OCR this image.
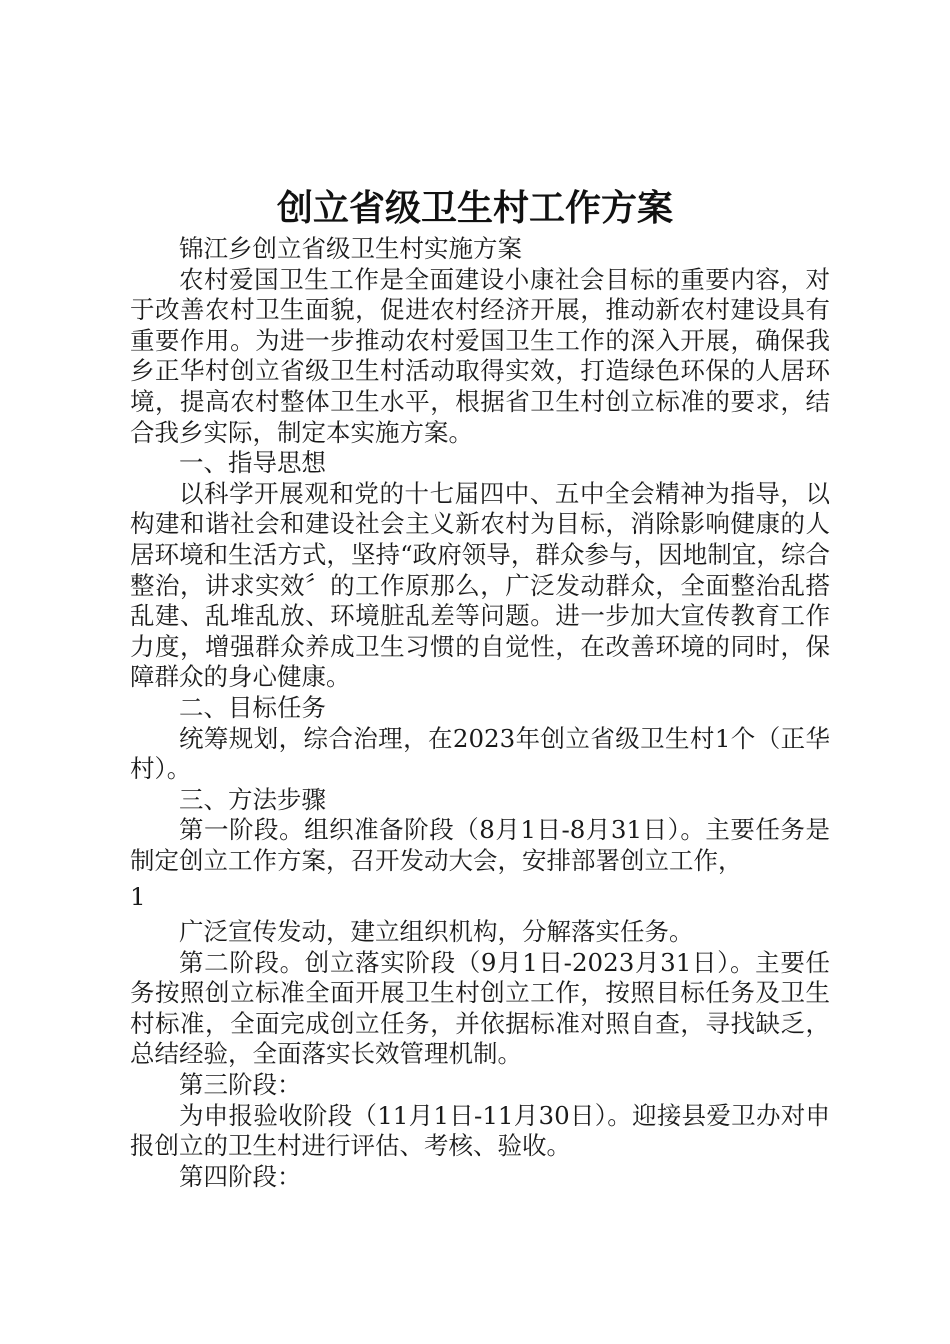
创立省级卫生村工作方案

锦江乡创立省级卫生村实施方案

农村爱国卫生工作是全面建设小康社会目标的重要内容，对于改善农村卫生面貌，促进农村经济开展，推动新农村建设具有重要作用。为进一步推动农村爱国卫生工作的深入开展，确保我乡正华村创立省级卫生村活动取得实效，打造绿色环保的人居环境，提高农村整体卫生水平，根据省卫生村创立标准的要求，结合我乡实际，制定本实施方案。

一、指导思想

以科学开展观和党的十七届四中、五中全会精神为指导，以构建和谐社会和建设社会主义新农村为目标，消除影响健康的人居环境和生活方式，坚持“政府领导，群众参与，因地制宜，综合整治，讲求实效〞的工作原那么，广泛发动群众，全面整治乱搭乱建、乱堆乱放、环境脏乱差等问题。进一步加大宣传教育工作力度，增强群众养成卫生习惯的自觉性，在改善环境的同时，保障群众的身心健康。

二、目标任务

统筹规划，综合治理，在2023年创立省级卫生村1个（正华村）。

三、方法步骤

第一阶段。组织准备阶段（8月1日-8月31日）。主要任务是制定创立工作方案，召开发动大会，安排部署创立工作，

1

广泛宣传发动，建立组织机构，分解落实任务。

第二阶段。创立落实阶段（9月1日-2023月31日）。主要任务按照创立标准全面开展卫生村创立工作，按照目标任务及卫生村标准，全面完成创立任务，并依据标准对照自查，寻找缺乏，总结经验，全面落实长效管理机制。

第三阶段：

为申报验收阶段（11月1日-11月30日）。迎接县爱卫办对申报创立的卫生村进行评估、考核、验收。

第四阶段：
